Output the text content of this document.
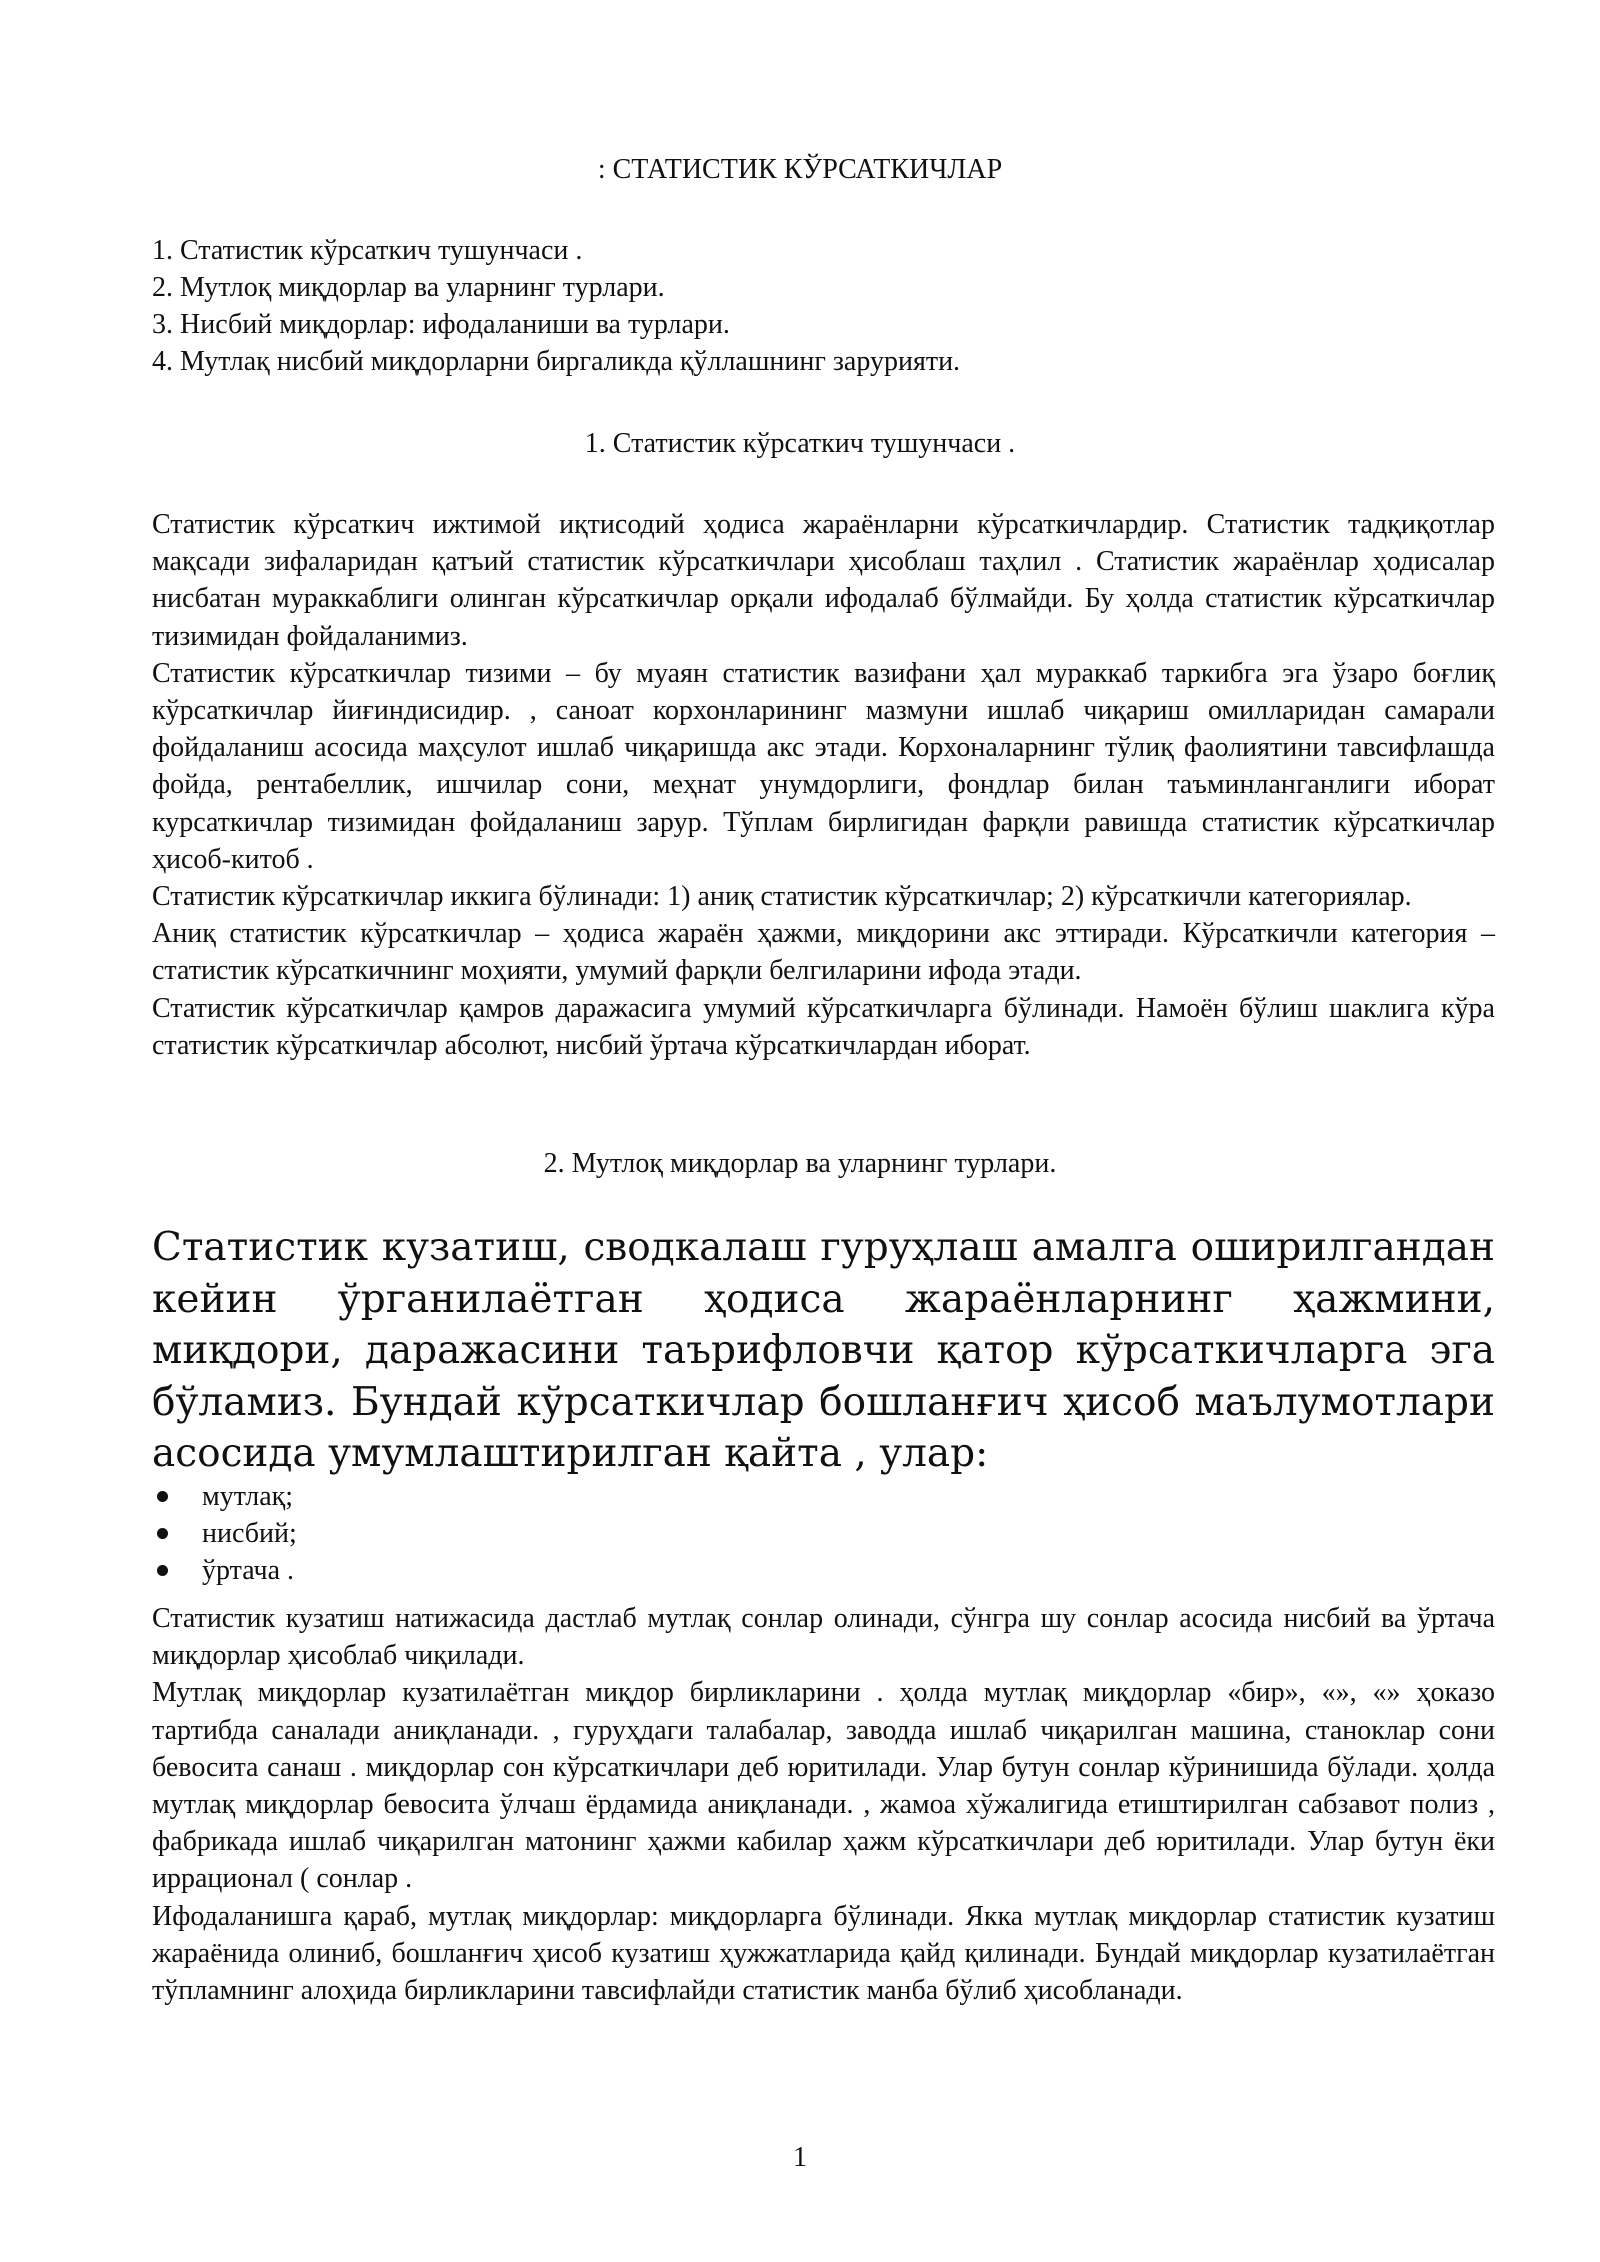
: СТАТИСТИК КЎРСАТКИЧЛАР
1. Статистик кўрсаткич тушунчаси .
2. Мутлоқ миқдорлар ва уларнинг турлари.
3. Нисбий миқдорлар: ифодаланиши ва турлари.
4. Мутлақ нисбий миқдорларни биргаликда қўллашнинг зарурияти.
1. Статистик кўрсаткич тушунчаси .

Статистик кўрсаткич ижтимой иқтисодий ҳодиса жараёнларни кўрсаткичлардир. Статистик тадқиқотлар мақсади зифаларидан қатъий статистик кўрсаткичлари ҳисоблаш таҳлил . Статистик жараёнлар ҳодисалар нисбатан мураккаблиги олинган кўрсаткичлар орқали ифодалаб бўлмайди. Бу ҳолда статистик кўрсаткичлар тизимидан фойдаланимиз.

Статистик кўрсаткичлар тизими – бу муаян статистик вазифани ҳал мураккаб таркибга эга ўзаро боғлиқ кўрсаткичлар йиғиндисидир. , саноат корхонларининг мазмуни ишлаб чиқариш омилларидан самарали фойдаланиш асосида маҳсулот ишлаб чиқаришда акс этади. Корхоналарнинг тўлиқ фаолиятини тавсифлашда фойда, рентабеллик, ишчилар сони, меҳнат унумдорлиги, фондлар билан таъминланганлиги иборат курсаткичлар тизимидан фойдаланиш зарур. Тўплам бирлигидан фарқли равишда статистик кўрсаткичлар ҳисоб-китоб .

Статистик кўрсаткичлар иккига бўлинади: 1) аниқ статистик кўрсаткичлар; 2) кўрсаткичли категориялар.

Аниқ статистик кўрсаткичлар – ҳодиса жараён ҳажми, миқдорини акс эттиради. Кўрсаткичли категория – статистик кўрсаткичнинг моҳияти, умумий фарқли белгиларини ифода этади.

Статистик кўрсаткичлар қамров даражасига умумий кўрсаткичларга бўлинади. Намоён бўлиш шаклига кўра статистик кўрсаткичлар абсолют, нисбий ўртача кўрсаткичлардан иборат.

2. Мутлоқ миқдорлар ва уларнинг турлари.

Статистик кузатиш, сводкалаш гуруҳлаш амалга оширилгандан кейин ўрганилаётган ҳодиса жараёнларнинг ҳажмини, миқдори, даражасини таърифловчи қатор кўрсаткичларга эга бўламиз. Бундай кўрсаткичлар бошланғич ҳисоб маълумотлари асосида умумлаштирилган қайта , улар:

мутлақ;
нисбий;
ўртача .

Статистик кузатиш натижасида дастлаб мутлақ сонлар олинади, сўнгра шу сонлар асосида нисбий ва ўртача миқдорлар ҳисоблаб чиқилади.

Мутлақ миқдорлар кузатилаётган миқдор бирликларини . ҳолда мутлақ миқдорлар «бир», «», «» ҳоказо тартибда саналади аниқланади. , гуруҳдаги талабалар, заводда ишлаб чиқарилган машина, станоклар сони бевосита санаш . миқдорлар сон кўрсаткичлари деб юритилади. Улар бутун сонлар кўринишида бўлади. ҳолда мутлақ миқдорлар бевосита ўлчаш ёрдамида аниқланади. , жамоа хўжалигида етиштирилган сабзавот полиз , фабрикада ишлаб чиқарилган матонинг ҳажми кабилар ҳажм кўрсаткичлари деб юритилади. Улар бутун ёки иррационал ( сонлар .

Ифодаланишга қараб, мутлақ миқдорлар: миқдорларга бўлинади. Якка мутлақ миқдорлар статистик кузатиш жараёнида олиниб, бошланғич ҳисоб кузатиш ҳужжатларида қайд қилинади. Бундай миқдорлар кузатилаётган тўпламнинг алоҳида бирликларини тавсифлайди статистик манба бўлиб ҳисобланади.

1
